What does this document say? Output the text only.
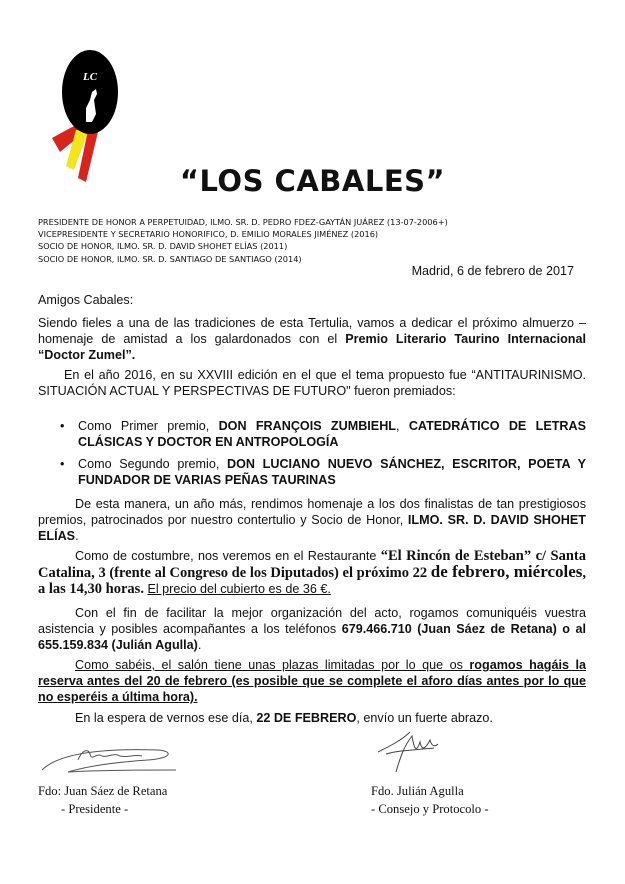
LC
“LOS CABALES”
PRESIDENTE DE HONOR A PERPETUIDAD, ILMO. SR. D. PEDRO FDEZ-GAYTÁN JUÁREZ (13-07-2006+)
VICEPRESIDENTE Y SECRETARIO HONORIFICO, D. EMILIO MORALES JIMÉNEZ (2016)
SOCIO DE HONOR, ILMO. SR. D. DAVID SHOHET ELÍAS (2011)
SOCIO DE HONOR, ILMO. SR. D. SANTIAGO DE SANTIAGO (2014)
Madrid, 6 de febrero de 2017
Amigos Cabales:
Siendo fieles a una de las tradiciones de esta Tertulia, vamos a dedicar el próximo almuerzo – homenaje de amistad a los galardonados con el Premio Literario Taurino Internacional “Doctor Zumel”.
En el año 2016, en su XXVIII edición en el que el tema propuesto fue “ANTITAURINISMO. SITUACIÓN ACTUAL Y PERSPECTIVAS DE FUTURO" fueron premiados:
• Como Primer premio, DON FRANÇOIS ZUMBIEHL, CATEDRÁTICO DE LETRAS CLÁSICAS Y DOCTOR EN ANTROPOLOGÍA
• Como Segundo premio, DON LUCIANO NUEVO SÁNCHEZ, ESCRITOR, POETA Y FUNDADOR DE VARIAS PEÑAS TAURINAS
De esta manera, un año más, rendimos homenaje a los dos finalistas de tan prestigiosos premios, patrocinados por nuestro contertulio y Socio de Honor, ILMO. SR. D. DAVID SHOHET ELÍAS.
Como de costumbre, nos veremos en el Restaurante “El Rincón de Esteban” c/ Santa Catalina, 3 (frente al Congreso de los Diputados) el próximo 22 de febrero, miércoles, a las 14,30 horas. El precio del cubierto es de 36 €.
Con el fin de facilitar la mejor organización del acto, rogamos comuniquéis vuestra asistencia y posibles acompañantes a los teléfonos 679.466.710 (Juan Sáez de Retana) o al 655.159.834 (Julián Agulla).
Como sabéis, el salón tiene unas plazas limitadas por lo que os rogamos hagáis la reserva antes del 20 de febrero (es posible que se complete el aforo días antes por lo que no esperéis a última hora).
En la espera de vernos ese día, 22 DE FEBRERO, envío un fuerte abrazo.
Fdo: Juan Sáez de Retana
- Presidente -
Fdo. Julián Agulla
- Consejo y Protocolo -
